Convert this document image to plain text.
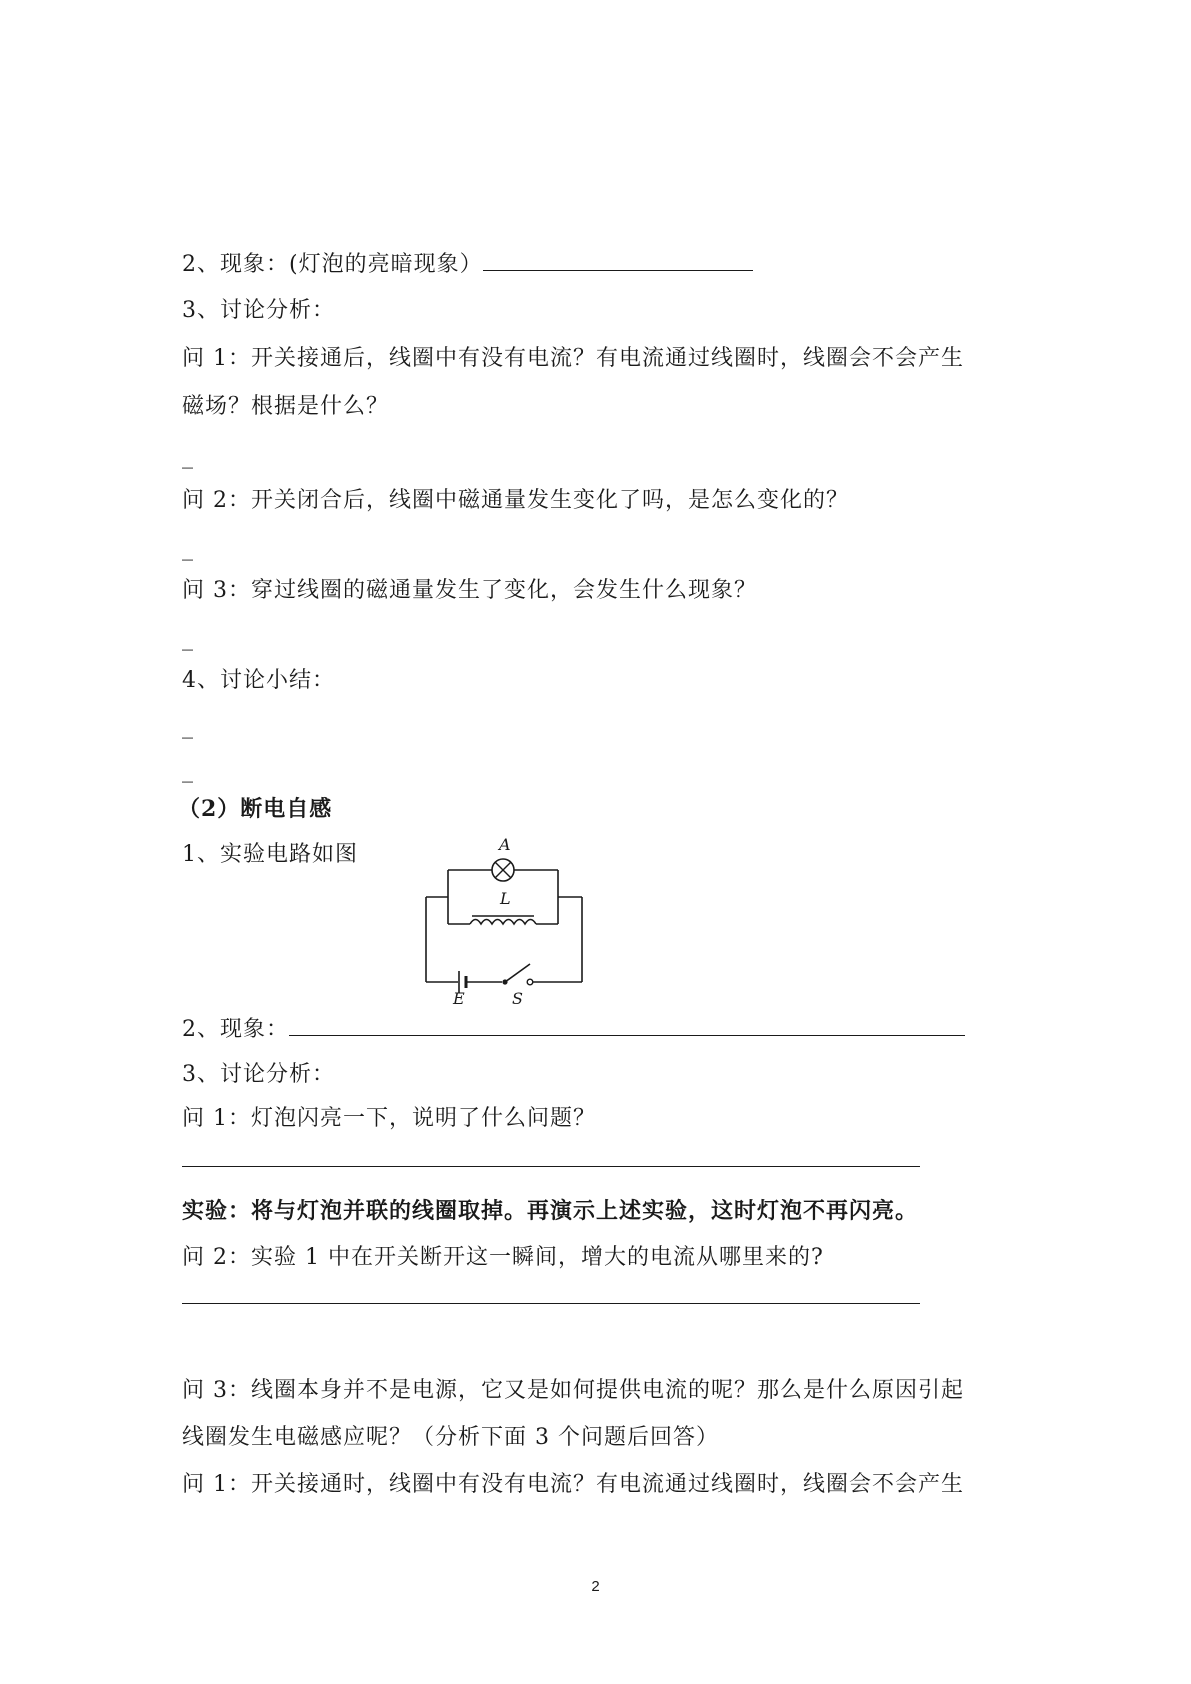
2、现象：(灯泡的亮暗现象）
3、讨论分析：
问 1：开关接通后，线圈中有没有电流？有电流通过线圈时，线圈会不会产生
磁场？根据是什么？
_
问 2：开关闭合后，线圈中磁通量发生变化了吗，是怎么变化的？
_
问 3：穿过线圈的磁通量发生了变化，会发生什么现象？
_
4、讨论小结：
_
_
（2）断电自感
1、实验电路如图	A
L
E	S
2、现象：
3、讨论分析：
问 1：灯泡闪亮一下，说明了什么问题？
实验：将与灯泡并联的线圈取掉。再演示上述实验，这时灯泡不再闪亮。
问 2：实验 1 中在开关断开这一瞬间，增大的电流从哪里来的?
问 3：线圈本身并不是电源，它又是如何提供电流的呢？那么是什么原因引起
线圈发生电磁感应呢？（分析下面 3 个问题后回答）
问 1：开关接通时，线圈中有没有电流？有电流通过线圈时，线圈会不会产生
2
